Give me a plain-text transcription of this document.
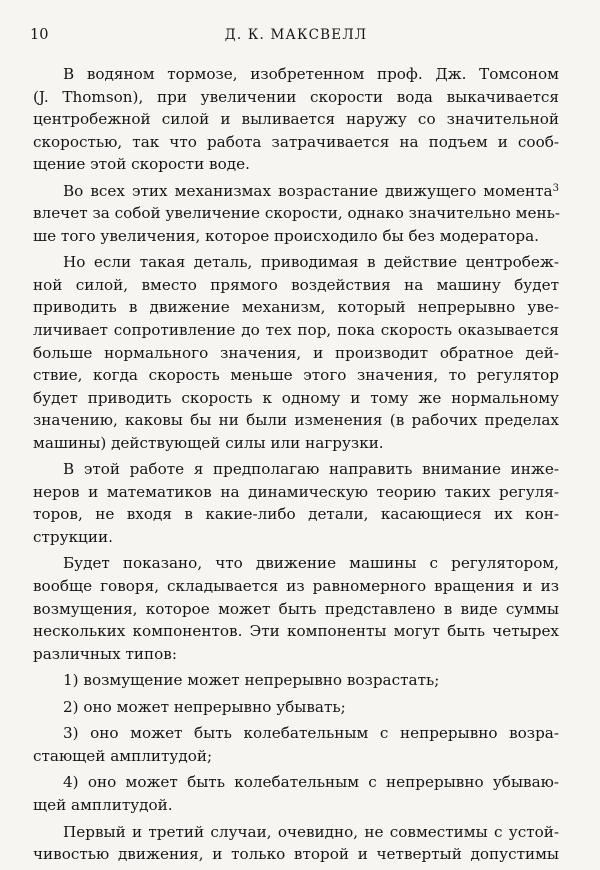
10	Д. К. МАКСВЕЛЛ
В водяном тормозе, изобретенном проф. Дж. Томсоном
(J. Thomson), при увеличении скорости вода выкачивается
центробежной силой и выливается наружу со значительной
скоростью, так что работа затрачивается на подъем и сооб-
щение этой скорости воде.
Во всех этих механизмах возрастание движущего момента$^3$
влечет за собой увеличение скорости, однако значительно мень-
ше того увеличения, которое происходило бы без модератора.
Но если такая деталь, приводимая в действие центробеж-
ной силой, вместо прямого воздействия на машину будет
приводить в движение механизм, который непрерывно уве-
личивает сопротивление до тех пор, пока скорость оказывается
больше нормального значения, и производит обратное дей-
ствие, когда скорость меньше этого значения, то регулятор
будет приводить скорость к одному и тому же нормальному
значению, каковы бы ни были изменения (в рабочих пределах
машины) действующей силы или нагрузки.
В этой работе я предполагаю направить внимание инже-
неров и математиков на динамическую теорию таких регуля-
торов, не входя в какие-либо детали, касающиеся их кон-
струкции.
Будет показано, что движение машины с регулятором,
вообще говоря, складывается из равномерного вращения и из
возмущения, которое может быть представлено в виде суммы
нескольких компонентов. Эти компоненты могут быть четырех
различных типов:
1) возмущение может непрерывно возрастать;
2) оно может непрерывно убывать;
3) оно может быть колебательным с непрерывно возра-
стающей амплитудой;
4) оно может быть колебательным с непрерывно убываю-
щей амплитудой.
Первый и третий случаи, очевидно, не совместимы с устой-
чивостью движения, и только второй и четвертый допустимы
